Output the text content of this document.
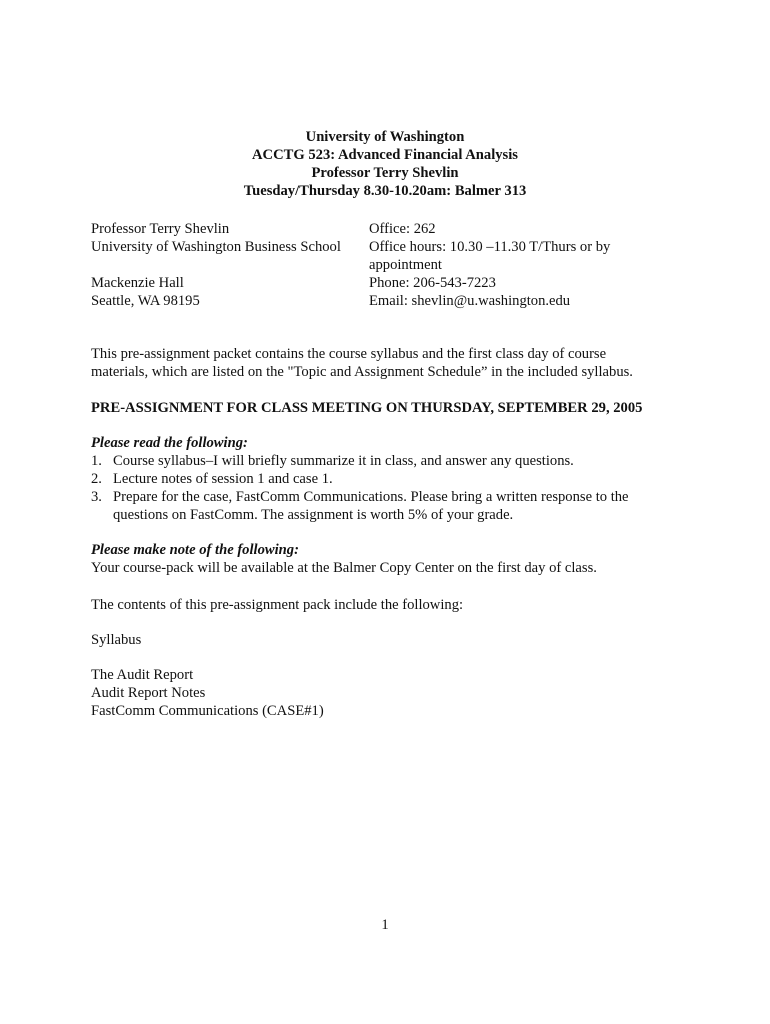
University of Washington
ACCTG 523: Advanced Financial Analysis
Professor Terry Shevlin
Tuesday/Thursday 8.30-10.20am: Balmer 313
Professor Terry Shevlin
University of Washington Business School
Mackenzie Hall
Seattle, WA 98195
Office: 262
Office hours: 10.30 –11.30 T/Thurs or by
appointment
Phone: 206-543-7223
Email: shevlin@u.washington.edu
This pre-assignment packet contains the course syllabus and the first class day of course
materials, which are listed on the "Topic and Assignment Schedule” in the included syllabus.
PRE-ASSIGNMENT FOR CLASS MEETING ON THURSDAY, SEPTEMBER 29, 2005
Please read the following:
1. Course syllabus–I will briefly summarize it in class, and answer any questions.
2. Lecture notes of session 1 and case 1.
3. Prepare for the case, FastComm Communications. Please bring a written response to the
questions on FastComm. The assignment is worth 5% of your grade.
Please make note of the following:
Your course-pack will be available at the Balmer Copy Center on the first day of class.
The contents of this pre-assignment pack include the following:
Syllabus
The Audit Report
Audit Report Notes
FastComm Communications (CASE#1)
1
